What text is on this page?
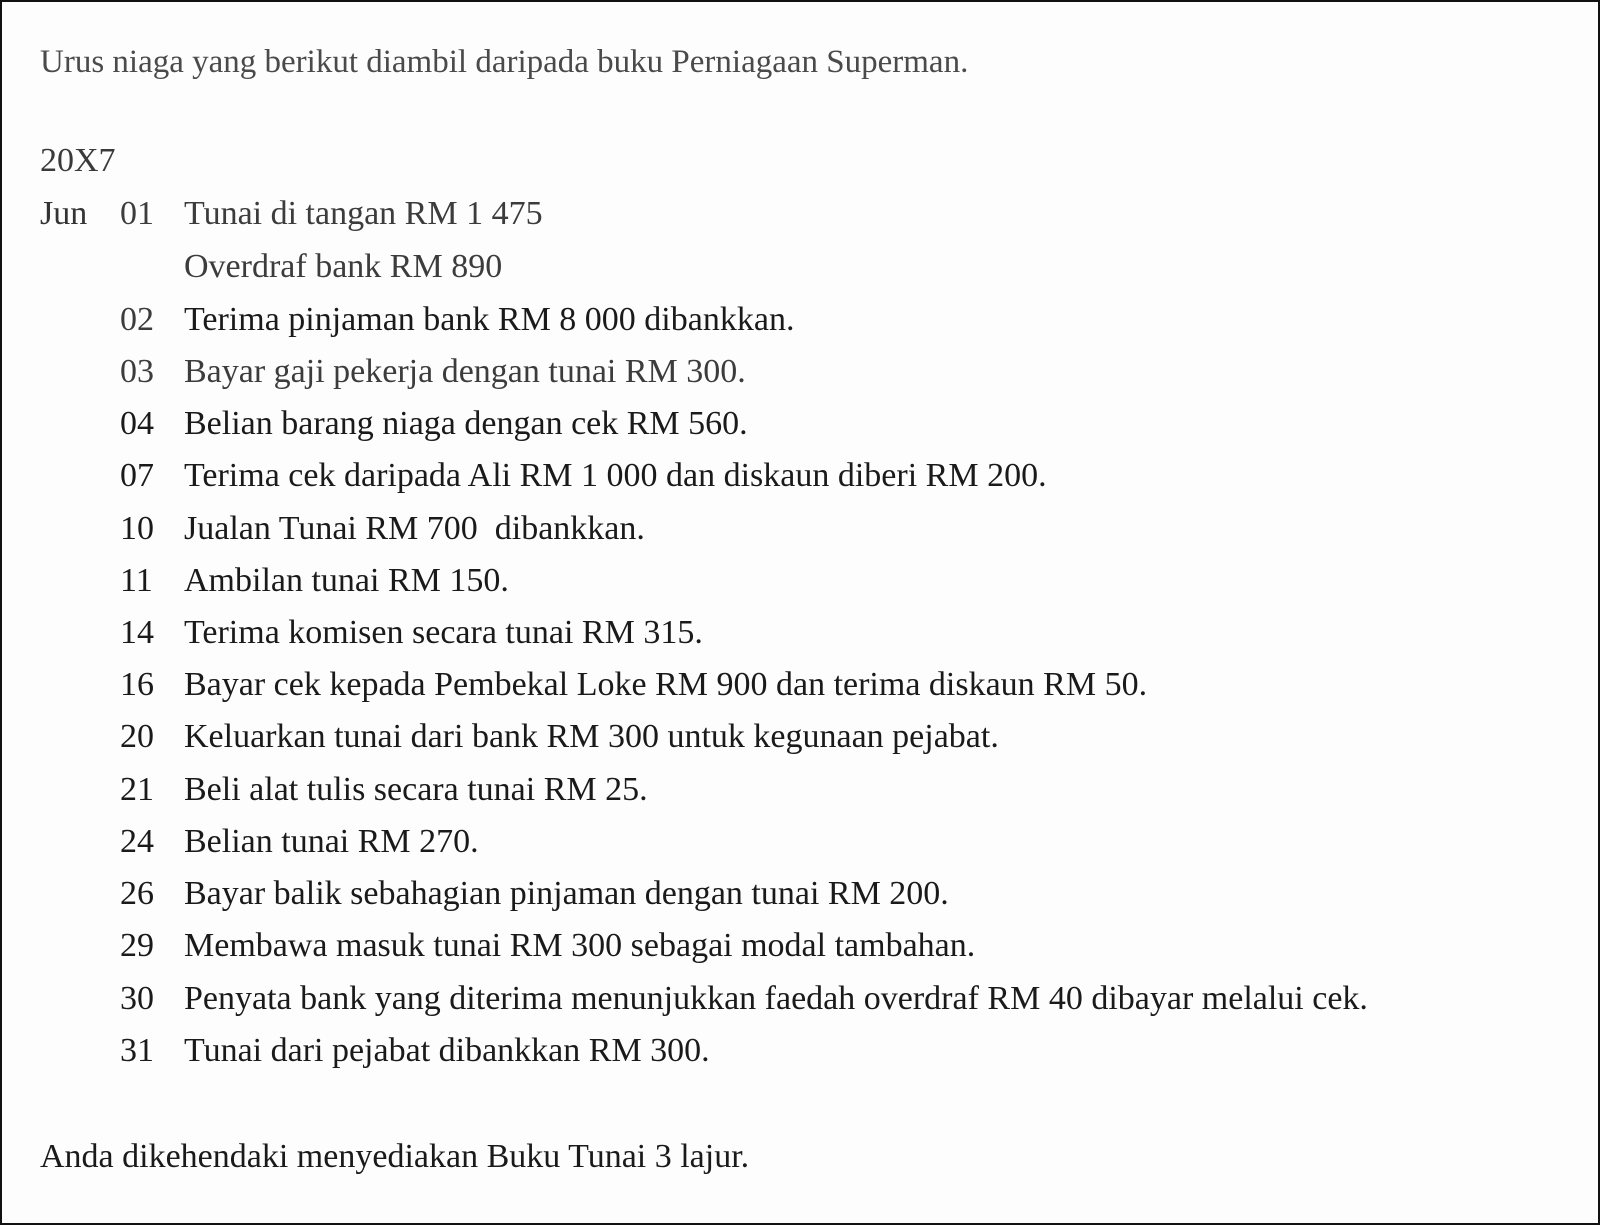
Urus niaga yang berikut diambil daripada buku Perniagaan Superman.
20X7
Jun 01 Tunai di tangan RM 1 475
Overdraf bank RM 890
02 Terima pinjaman bank RM 8 000 dibankkan.
03 Bayar gaji pekerja dengan tunai RM 300.
04 Belian barang niaga dengan cek RM 560.
07 Terima cek daripada Ali RM 1 000 dan diskaun diberi RM 200.
10 Jualan Tunai RM 700  dibankkan.
11 Ambilan tunai RM 150.
14 Terima komisen secara tunai RM 315.
16 Bayar cek kepada Pembekal Loke RM 900 dan terima diskaun RM 50.
20 Keluarkan tunai dari bank RM 300 untuk kegunaan pejabat.
21 Beli alat tulis secara tunai RM 25.
24 Belian tunai RM 270.
26 Bayar balik sebahagian pinjaman dengan tunai RM 200.
29 Membawa masuk tunai RM 300 sebagai modal tambahan.
30 Penyata bank yang diterima menunjukkan faedah overdraf RM 40 dibayar melalui cek.
31 Tunai dari pejabat dibankkan RM 300.
Anda dikehendaki menyediakan Buku Tunai 3 lajur.
